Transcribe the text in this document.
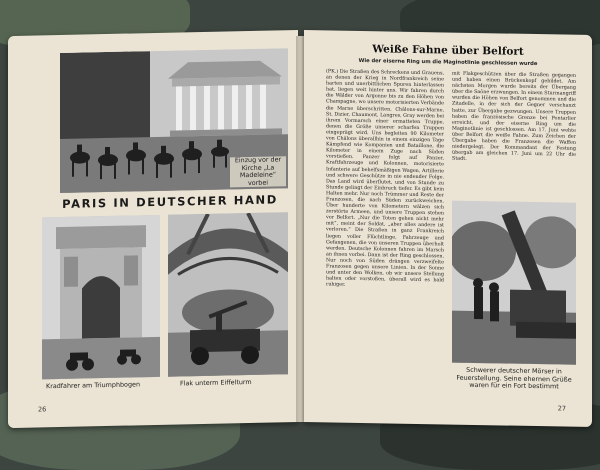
Einzug vor der Kirche „La Madeleine“ vorbei
PARIS IN DEUTSCHER HAND
Kradfahrer am Triumphbogen	Flak unterm Eiffelturm
26
Weiße Fahne über Belfort
Wie der eiserne Ring um die Maginotlinie geschlossen wurde
(PK.) Die Straßen des Schreckens und Grauens, an denen der Krieg in Nordfrankreich seine harten und unerbittlichen Spuren hinterlassen hat, liegen weit hinter uns. Wir fahren durch die Wälder von Argonne bis zu den Höhen von Champagne, wo unsere motorisierten Verbände die Marne überschritten. Châlons-sur-Marne, St. Dizier, Chaumont, Langres, Gray werden bei ihrem Vormarsch einer ermatteten Truppe, denen die Größe unserer scharfen Truppen eingeprägt wird. Uns begleiten 90 Kilometer von Châlons überallhin in einem einzigen Tage Kämpfend wie Kompanien und Bataillone, die Kilometer in einem Zuge nach Süden vorstießen. Panzer folgt auf Panzer, Kraftfahrzeuge und Kolonnen, motorisierte Infanterie auf behelfsmäßigen Wagen, Artillerie und schwere Geschütze in nie endender Folge. Das Land wird überflutet, und von Stunde zu Stunde gelingt der Einbruch tiefer. Es gibt kein Halten mehr. Nur noch Trümmer und Reste der Franzosen, die nach Süden zurückweichen. Über hunderte von Kilometern wälzen sich zerstörte Armeen, und unsere Truppen stehen vor Belfort. „Nur die Toten gehen nicht mehr mit“, meint der Soldat, „aber alles andere ist verloren.“ Die Straßen in ganz Frankreich liegen voller Flüchtlinge, Fahrzeuge und Gefangenen, die von unseren Truppen überholt werden. Deutsche Kolonnen fahren im Marsch an ihnen vorbei. Dann ist der Ring geschlossen. Nur noch von Süden drängen verzweifelte Franzosen gegen unsere Linien. In der Sonne und unter den Wolken, ob wir unsere Stellung halten oder vorstoßen, überall wird es bald ruhiger.
mit Flakgeschützen über die Straßen gegangen und haben einen Brückenkopf gebildet. Am nächsten Morgen wurde bereits der Übergang über die Saône erzwungen. In einem Sturmangriff wurden die Höhen von Belfort genommen und die Zitadelle, in der sich der Gegner verschanzt hatte, zur Übergabe gezwungen. Unsere Truppen haben die französische Grenze bei Pontarlier erreicht, und der eiserne Ring um die Maginotlinie ist geschlossen. Am 17. Juni wehte über Belfort die weiße Fahne. Zum Zeichen der Übergabe haben die Franzosen die Waffen niedergelegt. Der Kommandant der Festung übergab am gleichen 17. Juni um 22 Uhr die Stadt.
Schwerer deutscher Mörser in Feuerstellung. Seine ehernen Grüße waren für ein Fort bestimmt
27
